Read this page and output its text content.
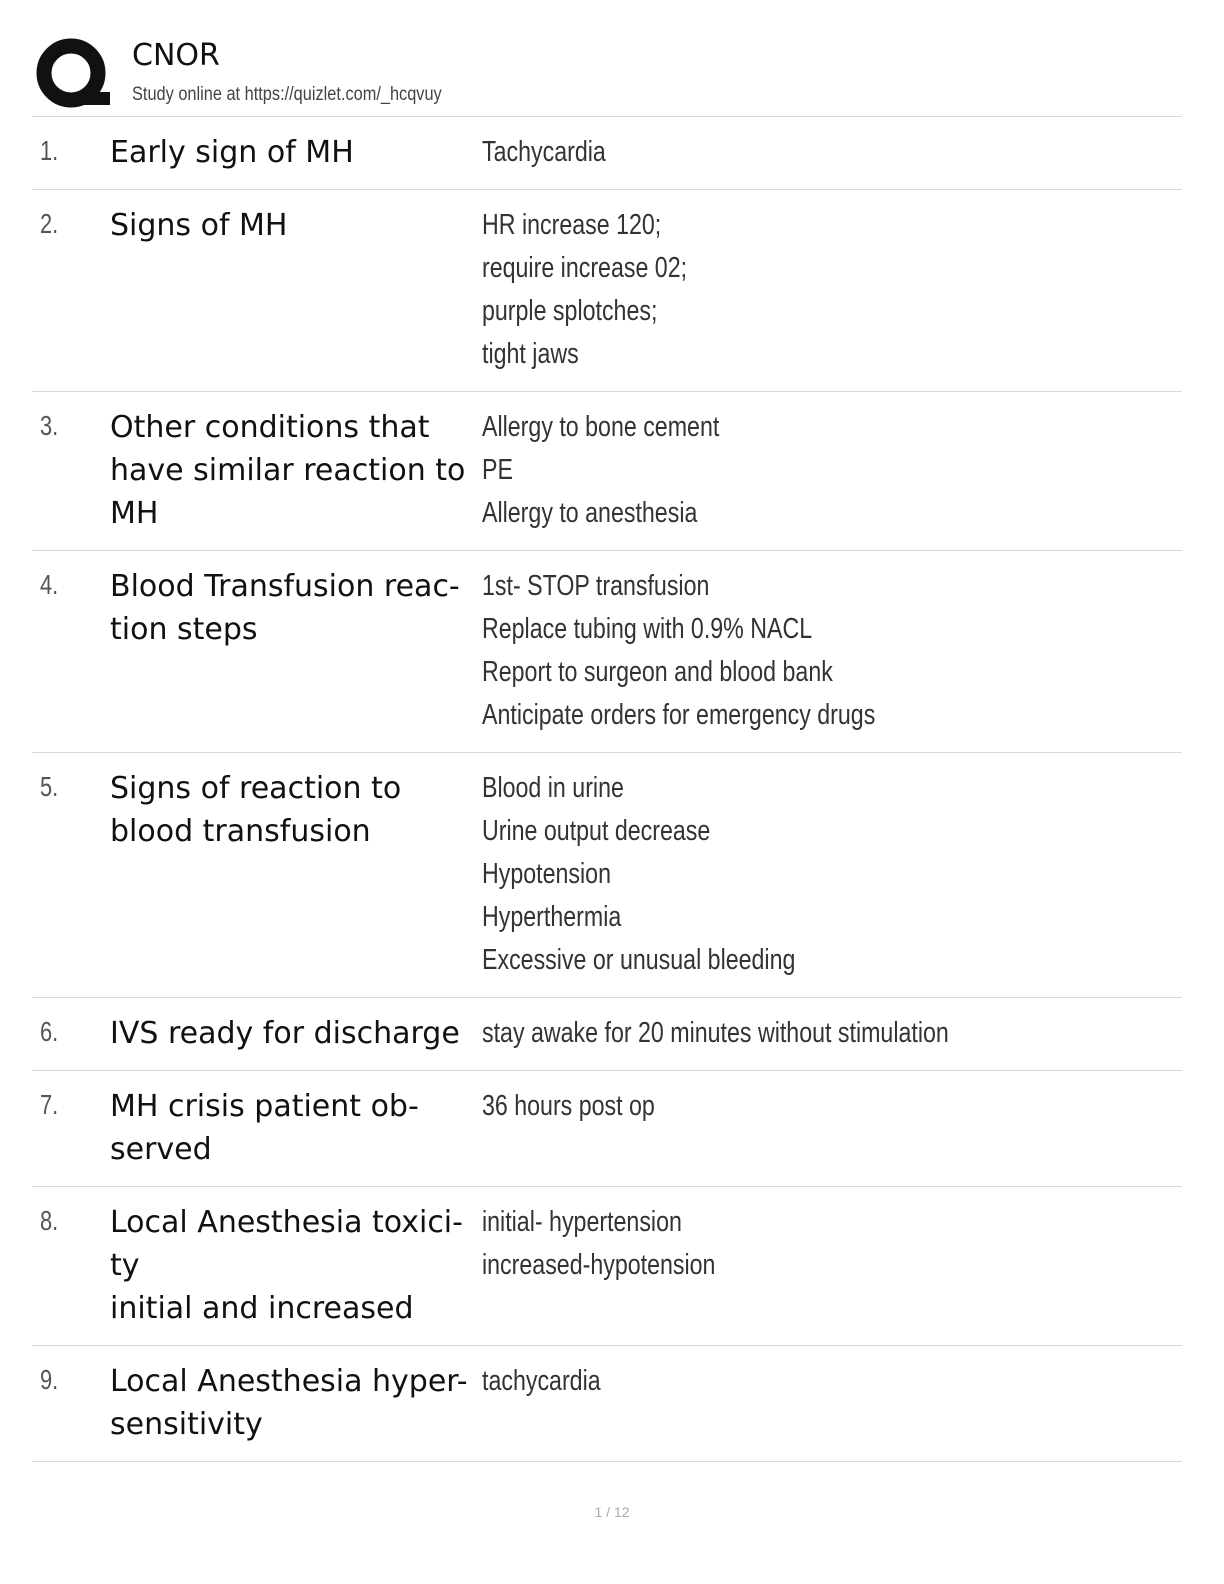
CNOR
Study online at https://quizlet.com/_hcqvuy
1. Early sign of MH	Tachycardia
2. Signs of MH	HR increase 120;
require increase 02;
purple splotches;
tight jaws
3. Other conditions that
have similar reaction to
MH
Allergy to bone cement
PE
Allergy to anesthesia
4. Blood Transfusion reac-
tion steps
1st- STOP transfusion
Replace tubing with 0.9% NACL
Report to surgeon and blood bank
Anticipate orders for emergency drugs
5. Signs of reaction to
blood transfusion
Blood in urine
Urine output decrease
Hypotension
Hyperthermia
Excessive or unusual bleeding
6. IVS ready for discharge stay awake for 20 minutes without stimulation
7. MH crisis patient ob-
served
36 hours post op
8. Local Anesthesia toxici-
ty
initial and increased
initial- hypertension
increased-hypotension
9. Local Anesthesia hyper-
sensitivity
tachycardia
1 / 12
